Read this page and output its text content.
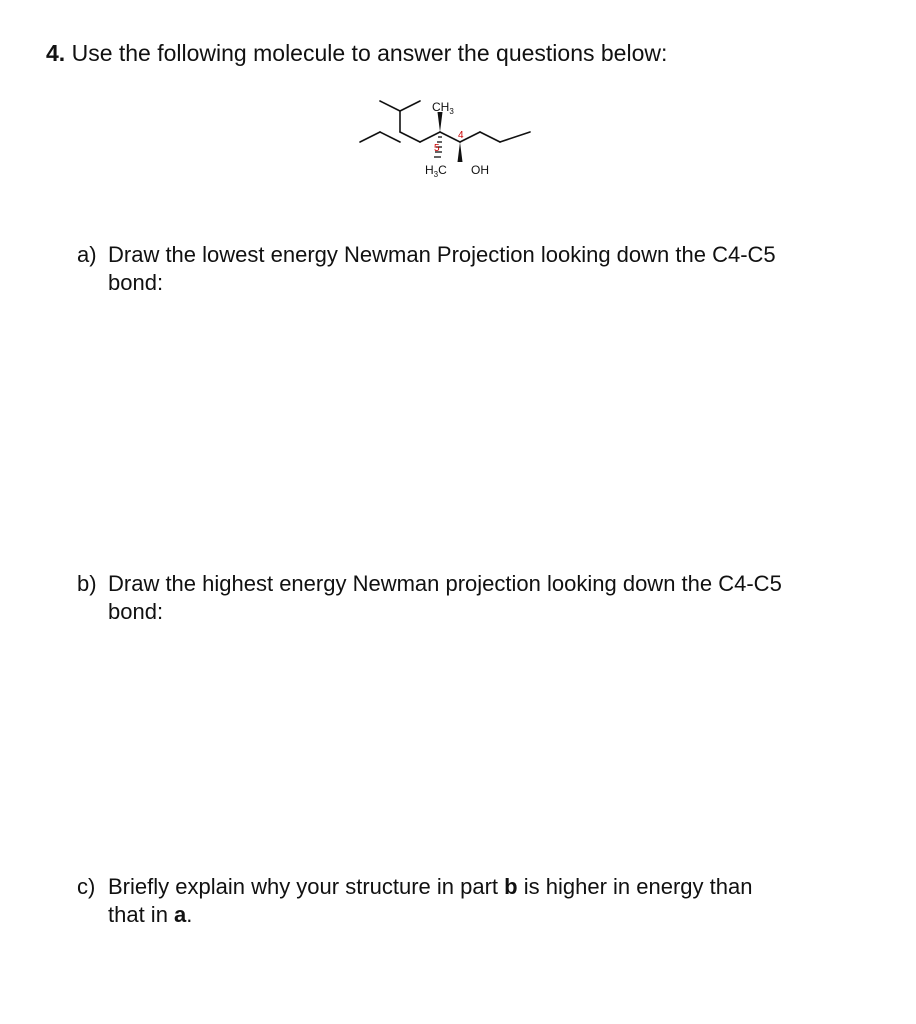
4. Use the following molecule to answer the questions below:
$CH_3$
5
4
$H_3C$ OH
a) Draw the lowest energy Newman Projection looking down the C4-C5
bond:
b) Draw the highest energy Newman projection looking down the C4-C5
bond:
c) Briefly explain why your structure in part b is higher in energy than
that in a.
